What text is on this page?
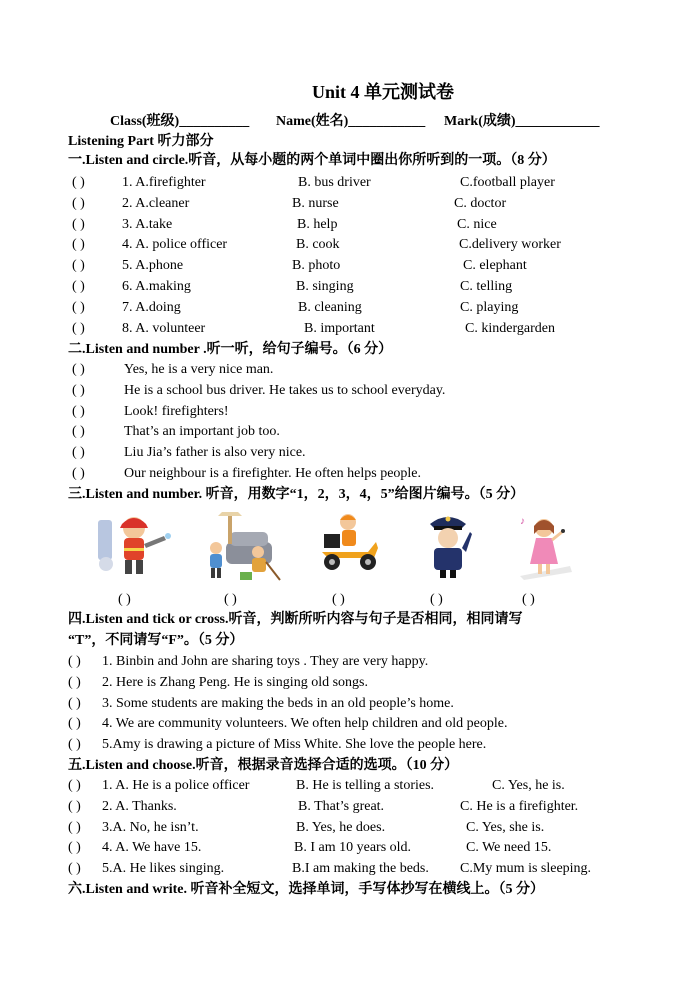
Unit 4 单元测试卷
Class(班级)__________ Name(姓名)___________ Mark(成绩)____________
Listening Part 听力部分
一.Listen and circle.听音，从每小题的两个单词中圈出你所听到的一项。（8 分）
( )	1. A.firefighter	B. bus driver	C.football player
( )	2. A.cleaner	B. nurse	C. doctor
( )	3. A.take	B. help	C. nice
( )	4. A. police officer	B. cook	C.delivery worker
( )	5. A.phone	B. photo	C. elephant
( )	6. A.making	B. singing	C. telling
( )	7. A.doing	B. cleaning	C. playing
( )	8. A. volunteer	B. important	C. kindergarden
二.Listen and number .听一听，给句子编号。（6 分）
( )	Yes, he is a very nice man.
( )	He is a school bus driver. He takes us to school everyday.
( )	Look! firefighters!
( )	That’s an important job too.
( )	Liu Jia’s father is also very nice.
( )	Our neighbour is a firefighter. He often helps people.
三.Listen and number. 听音，用数字“1，2，3，4，5”给图片编号。（5 分）
♪
( )	( )	( )	( )	( )
四.Listen and tick or cross.听音，判断所听内容与句子是否相同，相同请写
“T”，不同请写“F”。（5 分）
( ) 1. Binbin and John are sharing toys . They are very happy.
( ) 2. Here is Zhang Peng. He is singing old songs.
( ) 3. Some students are making the beds in an old people’s home.
( ) 4. We are community volunteers. We often help children and old people.
( ) 5.Amy is drawing a picture of Miss White. She love the people here.
五.Listen and choose.听音，根据录音选择合适的选项。（10 分）
( ) 1. A. He is a police officer	B. He is telling a stories.	C. Yes, he is.
( ) 2. A. Thanks.	B. That’s great.	C. He is a firefighter.
( ) 3.A. No, he isn’t.	B. Yes, he does.	C. Yes, she is.
( ) 4. A. We have 15.	B. I am 10 years old.	C. We need 15.
( ) 5.A. He likes singing.	B.I am making the beds. C.My mum is sleeping.
六.Listen and write. 听音补全短文，选择单词，手写体抄写在横线上。（5 分）
